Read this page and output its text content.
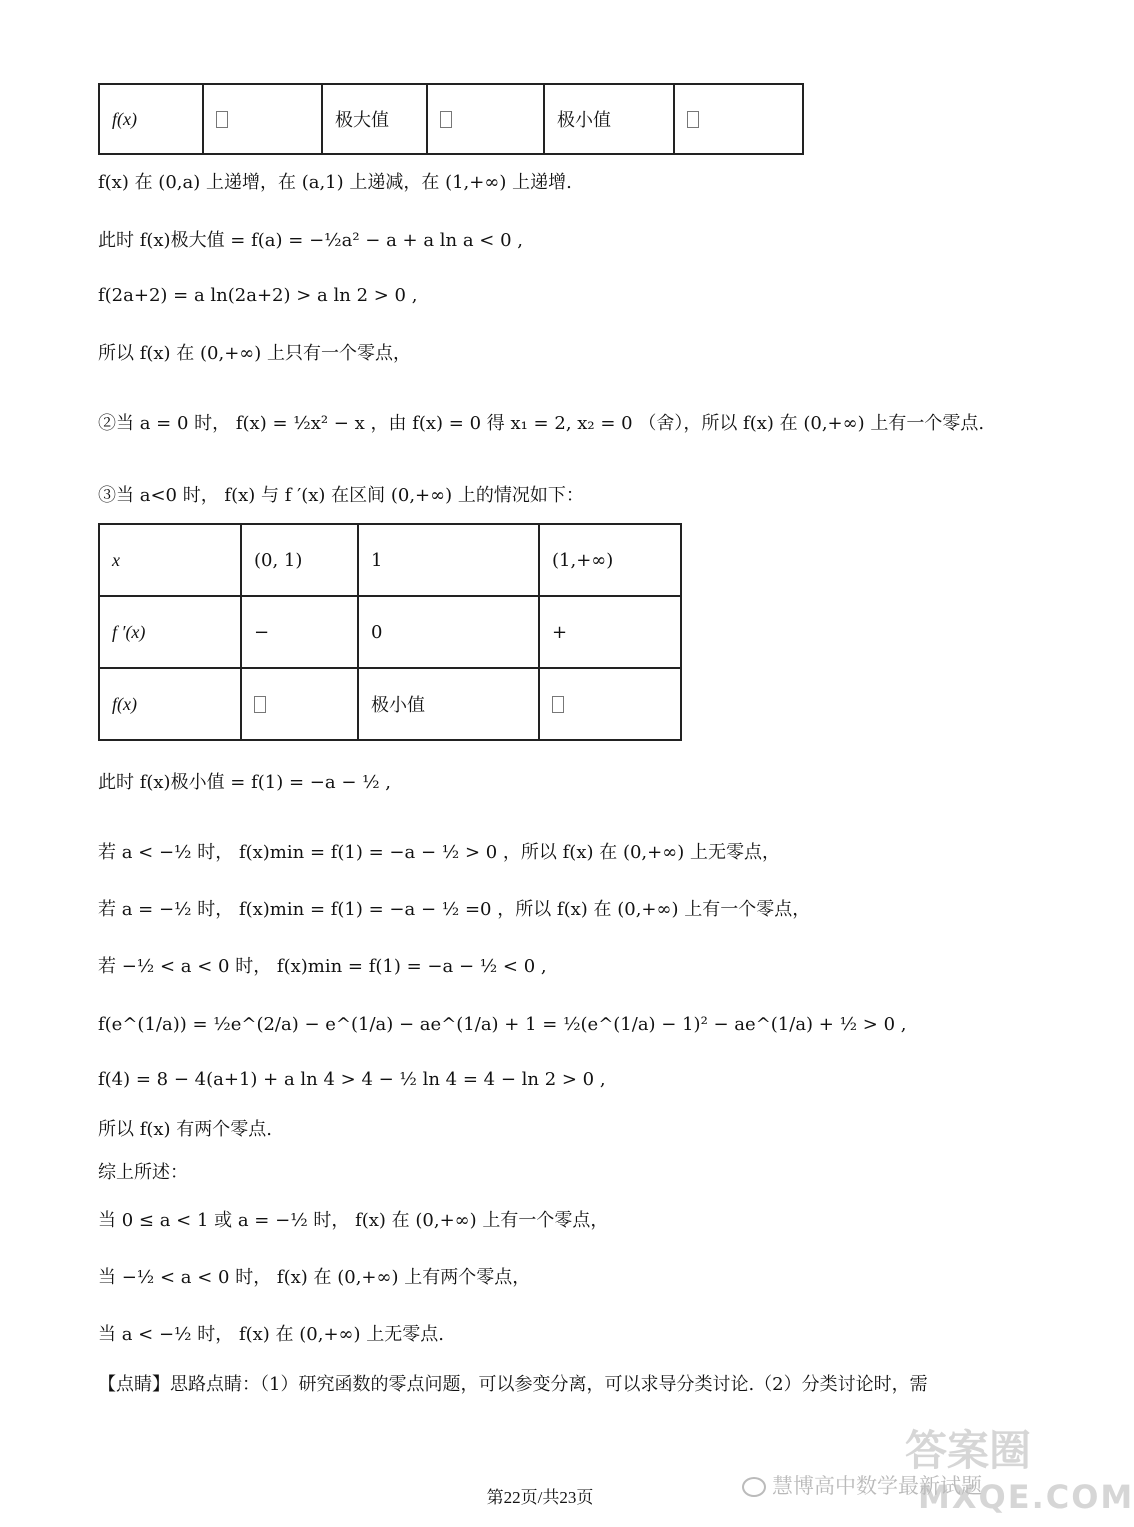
f(x)		极大值		极小值	
f(x) 在 (0,a) 上递增，在 (a,1) 上递减，在 (1,+∞) 上递增.
此时 f(x)极大值 = f(a) = −½a² − a + a ln a < 0 ,
f(2a+2) = a ln(2a+2) > a ln 2 > 0 ,
所以 f(x) 在 (0,+∞) 上只有一个零点，
②当 a = 0 时， f(x) = ½x² − x ，由 f(x) = 0 得 x₁ = 2, x₂ = 0 （舍），所以 f(x) 在 (0,+∞) 上有一个零点.
③当 a<0 时， f(x) 与 f ′(x) 在区间 (0,+∞) 上的情况如下：
x	(0, 1)	1	(1,+∞)
f ′(x)	−	0	+
f(x)		极小值	
此时 f(x)极小值 = f(1) = −a − ½ ,
若 a < −½ 时， f(x)min = f(1) = −a − ½ > 0 ，所以 f(x) 在 (0,+∞) 上无零点，
若 a = −½ 时， f(x)min = f(1) = −a − ½ =0 ，所以 f(x) 在 (0,+∞) 上有一个零点，
若 −½ < a < 0 时， f(x)min = f(1) = −a − ½ < 0 ,
f(e^(1/a)) = ½e^(2/a) − e^(1/a) − ae^(1/a) + 1 = ½(e^(1/a) − 1)² − ae^(1/a) + ½ > 0 ,
f(4) = 8 − 4(a+1) + a ln 4 > 4 − ½ ln 4 = 4 − ln 2 > 0 ,
所以 f(x) 有两个零点.
综上所述：
当 0 ≤ a < 1 或 a = −½ 时， f(x) 在 (0,+∞) 上有一个零点，
当 −½ < a < 0 时， f(x) 在 (0,+∞) 上有两个零点，
当 a < −½ 时， f(x) 在 (0,+∞) 上无零点.
【点睛】思路点睛：（1）研究函数的零点问题，可以参变分离，可以求导分类讨论.（2）分类讨论时，需
答案圈
MXQE.COM
慧博高中数学最新试题
第22页/共23页
